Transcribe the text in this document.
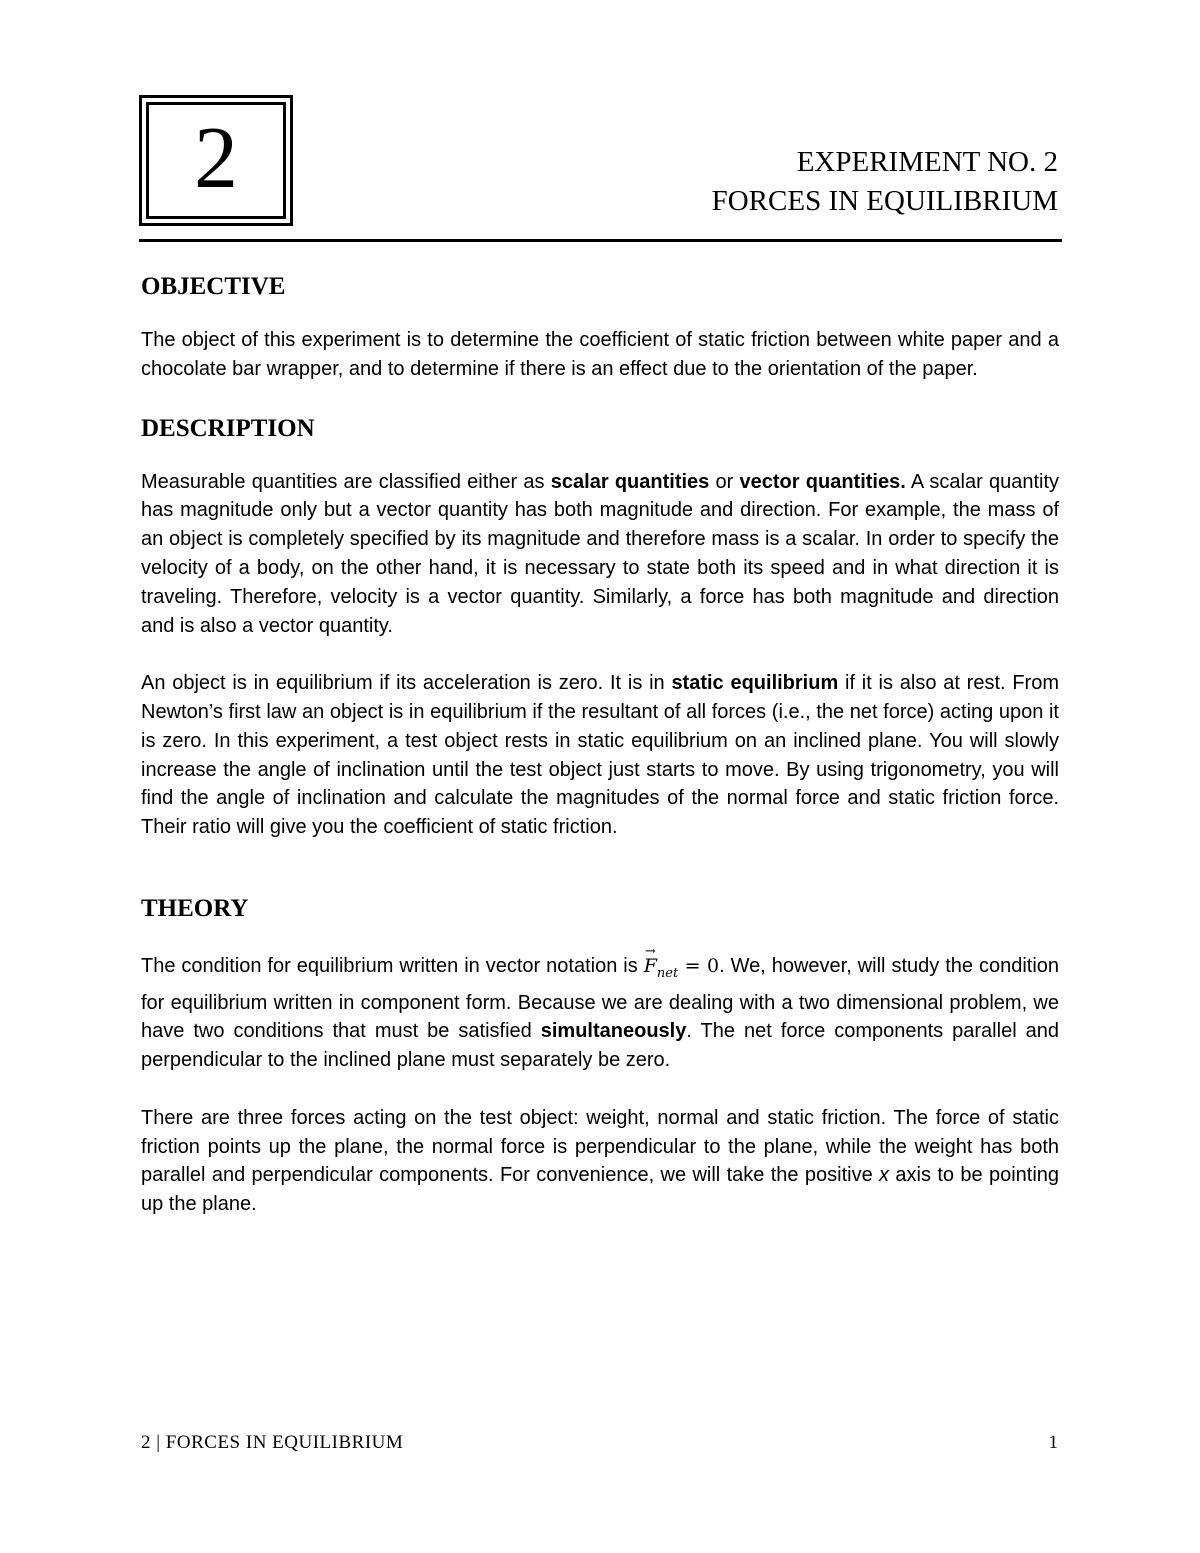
2	EXPERIMENT NO. 2
FORCES IN EQUILIBRIUM
OBJECTIVE

The object of this experiment is to determine the coefficient of static friction between white paper and a chocolate bar wrapper, and to determine if there is an effect due to the orientation of the paper.

DESCRIPTION

Measurable quantities are classified either as scalar quantities or vector quantities. A scalar quantity has magnitude only but a vector quantity has both magnitude and direction. For example, the mass of an object is completely specified by its magnitude and therefore mass is a scalar. In order to specify the velocity of a body, on the other hand, it is necessary to state both its speed and in what direction it is traveling. Therefore, velocity is a vector quantity. Similarly, a force has both magnitude and direction and is also a vector quantity.

An object is in equilibrium if its acceleration is zero. It is in static equilibrium if it is also at rest. From Newton’s first law an object is in equilibrium if the resultant of all forces (i.e., the net force) acting upon it is zero. In this experiment, a test object rests in static equilibrium on an inclined plane. You will slowly increase the angle of inclination until the test object just starts to move. By using trigonometry, you will find the angle of inclination and calculate the magnitudes of the normal force and static friction force. Their ratio will give you the coefficient of static friction.

THEORY

The condition for equilibrium written in vector notation is → $F_{net} = 0$. We, however, will study the condition for equilibrium written in component form. Because we are dealing with a two dimensional problem, we have two conditions that must be satisfied simultaneously. The net force components parallel and perpendicular to the inclined plane must separately be zero.

There are three forces acting on the test object: weight, normal and static friction. The force of static friction points up the plane, the normal force is perpendicular to the plane, while the weight has both parallel and perpendicular components. For convenience, we will take the positive x axis to be pointing up the plane.

2 | FORCES IN EQUILIBRIUM	1
